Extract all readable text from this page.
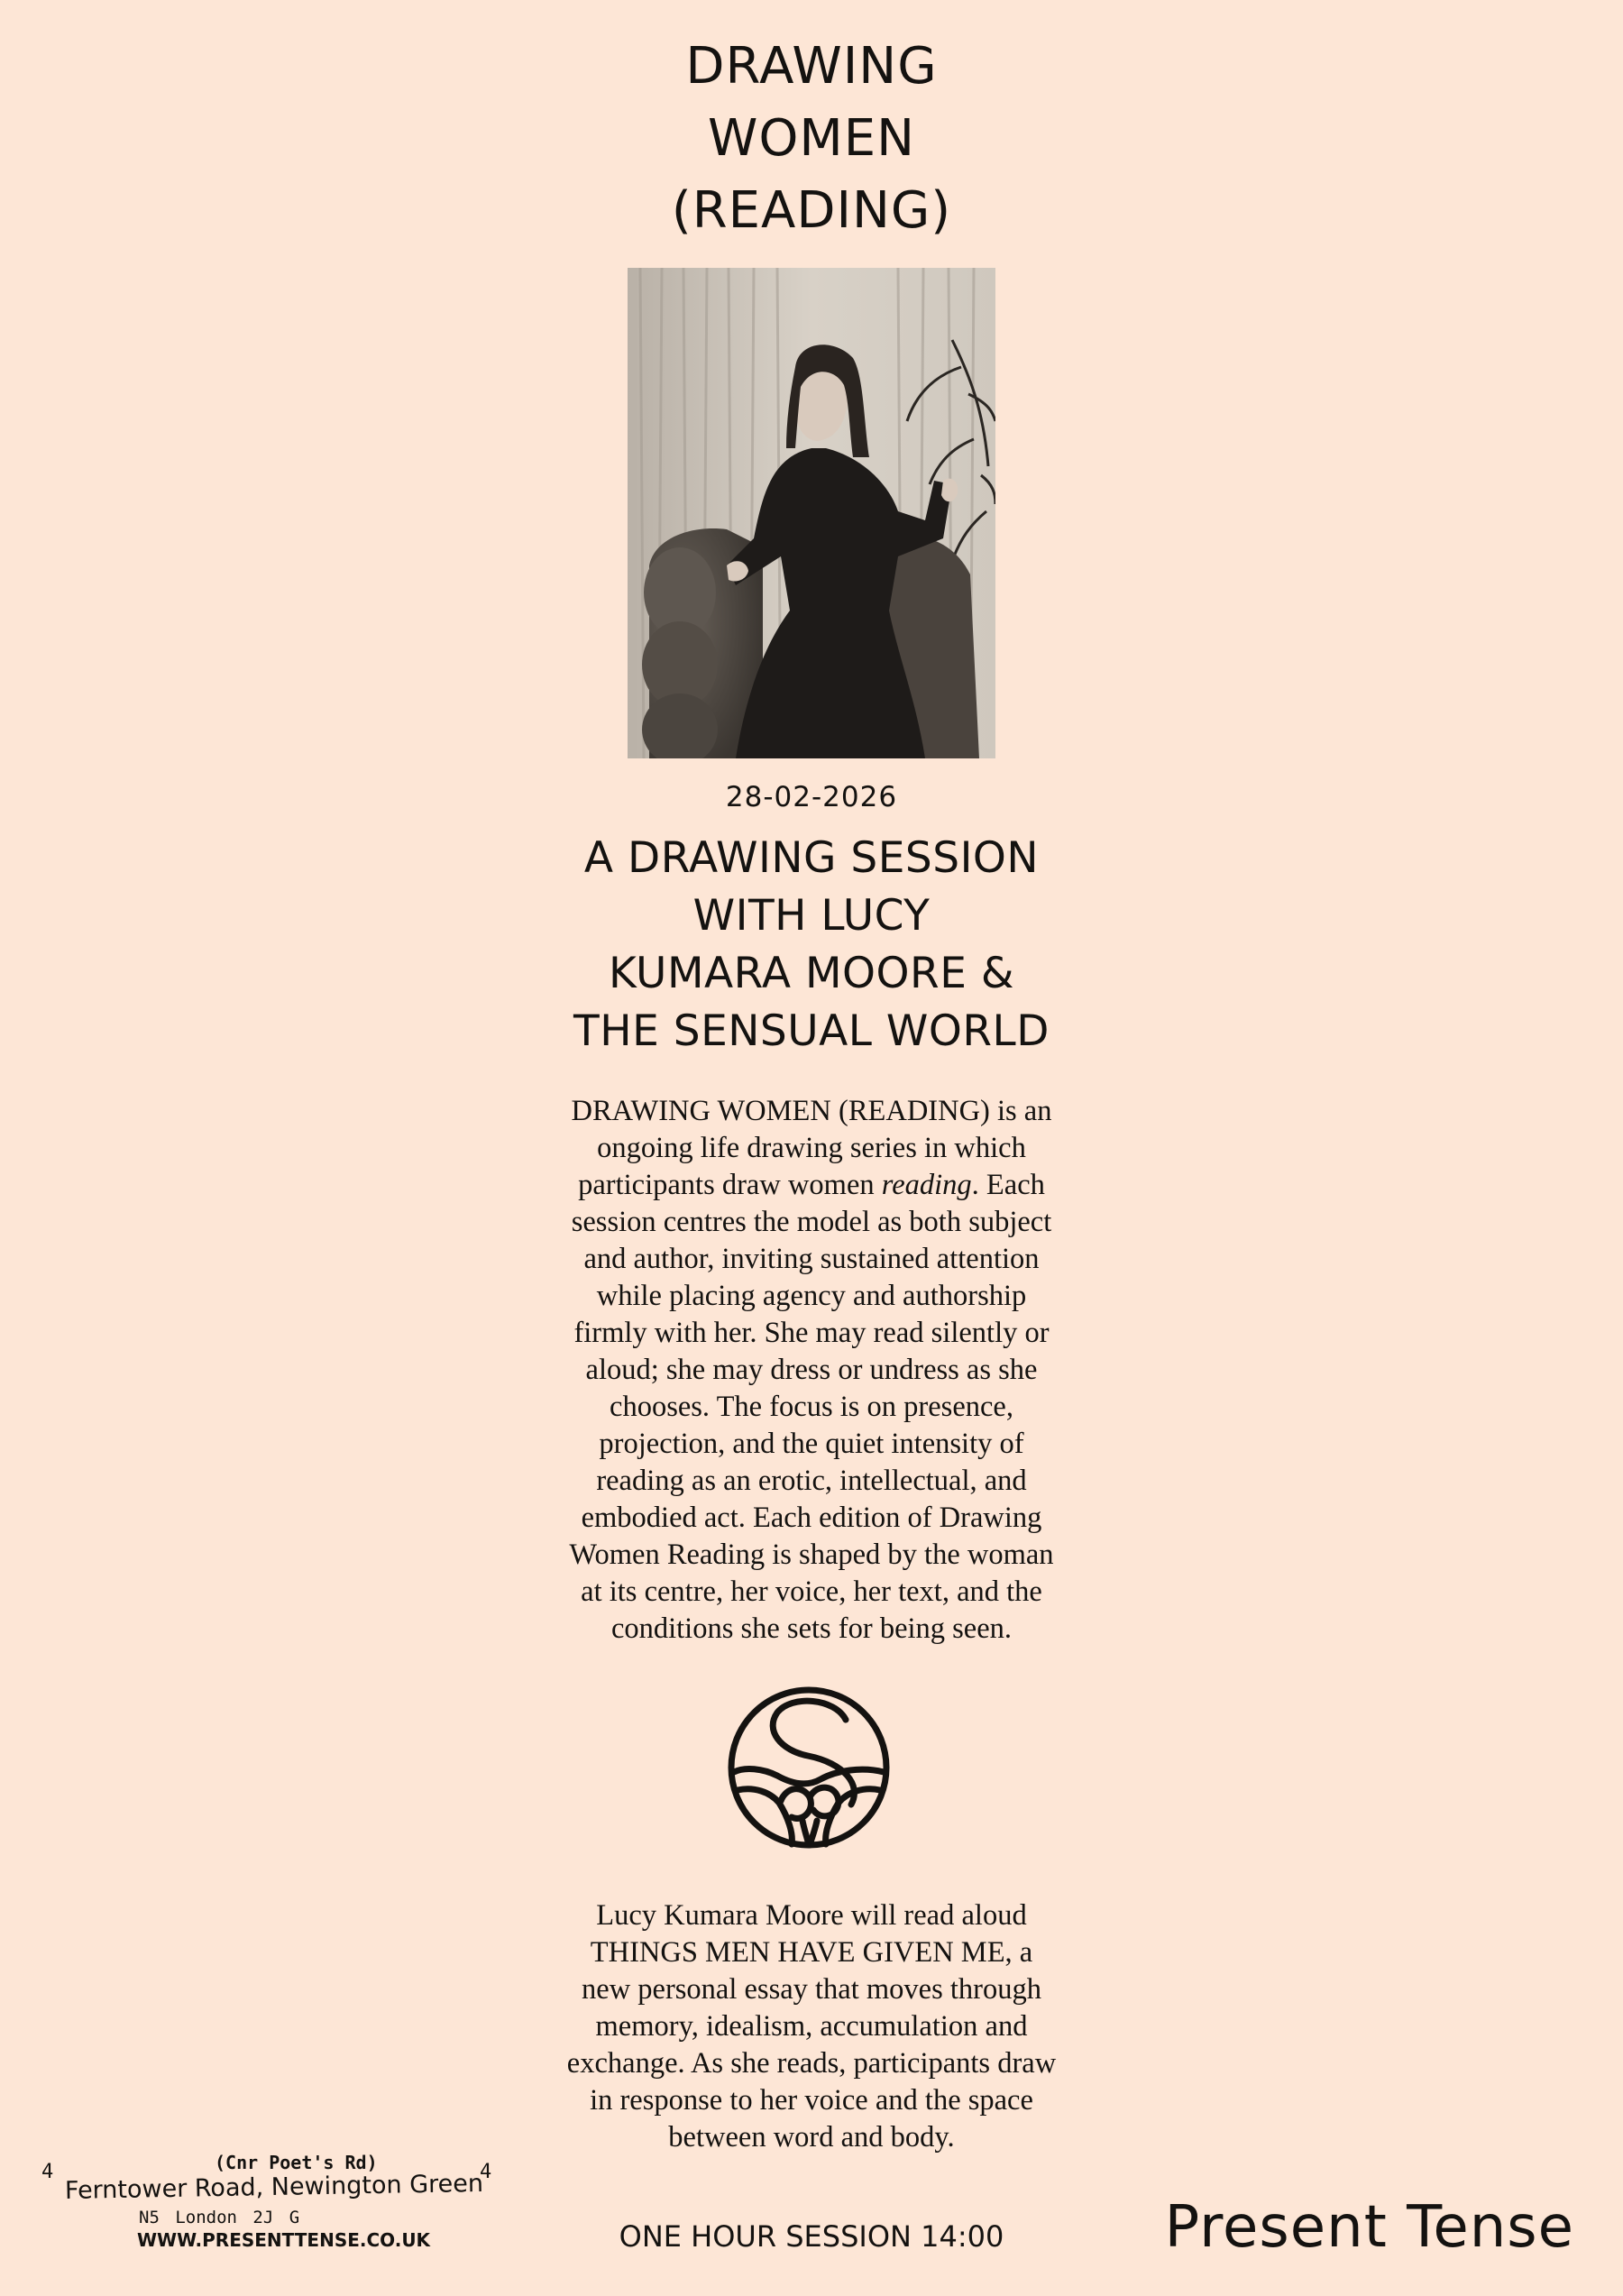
DRAWING
WOMEN
(READING)
28-02-2026
A DRAWING SESSION
WITH LUCY
KUMARA MOORE &
THE SENSUAL WORLD
DRAWING WOMEN (READING) is an
ongoing life drawing series in which
participants draw women reading. Each
session centres the model as both subject
and author, inviting sustained attention
while placing agency and authorship
firmly with her. She may read silently or
aloud; she may dress or undress as she
chooses. The focus is on presence,
projection, and the quiet intensity of
reading as an erotic, intellectual, and
embodied act. Each edition of Drawing
Women Reading is shaped by the woman
at its centre, her voice, her text, and the
conditions she sets for being seen.
Lucy Kumara Moore will read aloud
THINGS MEN HAVE GIVEN ME, a
new personal essay that moves through
memory, idealism, accumulation and
exchange. As she reads, participants draw
in response to her voice and the space
between word and body.
4	(Cnr Poet's Rd)	4
Ferntower Road, Newington Green
N5 London 2J G
WWW.PRESENTTENSE.CO.UK	ONE HOUR SESSION 14:00	Present Tense
